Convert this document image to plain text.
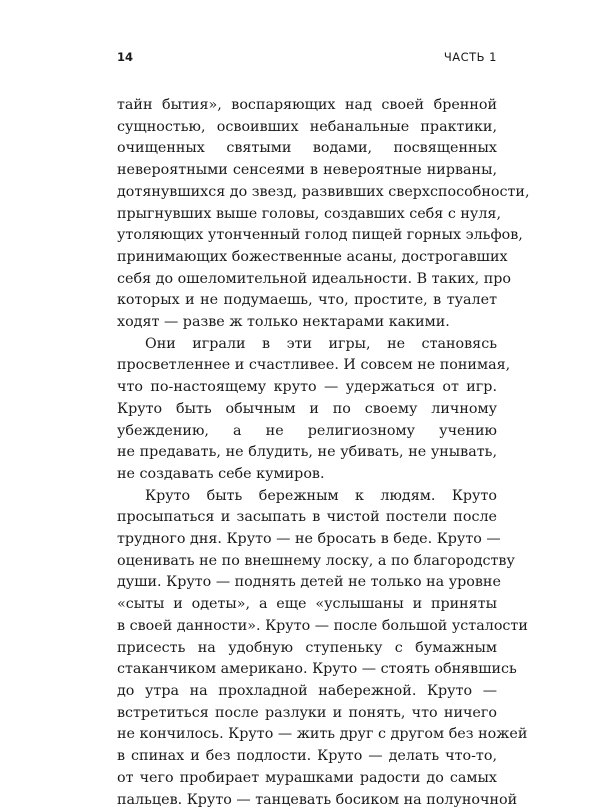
14	ЧАСТЬ 1
тайн бытия», воспаряющих над своей бренной
сущностью, освоивших небанальные практики,
очищенных святыми водами, посвященных
невероятными сенсеями в невероятные нирваны,
дотянувшихся до звезд, развивших сверхспособности,
прыгнувших выше головы, создавших себя с нуля,
утоляющих утонченный голод пищей горных эльфов,
принимающих божественные асаны, дострогавших
себя до ошеломительной идеальности. В таких, про
которых и не подумаешь, что, простите, в туалет
ходят — разве ж только нектарами какими.
Они играли в эти игры, не становясь
просветленнее и счастливее. И совсем не понимая,
что по-настоящему круто — удержаться от игр.
Круто быть обычным и по своему личному
убеждению, а не религиозному учению
не предавать, не блудить, не убивать, не унывать,
не создавать себе кумиров.
Круто быть бережным к людям. Круто
просыпаться и засыпать в чистой постели после
трудного дня. Круто — не бросать в беде. Круто —
оценивать не по внешнему лоску, а по благородству
души. Круто — поднять детей не только на уровне
«сыты и одеты», а еще «услышаны и приняты
в своей данности». Круто — после большой усталости
присесть на удобную ступеньку с бумажным
стаканчиком американо. Круто — стоять обнявшись
до утра на прохладной набережной. Круто —
встретиться после разлуки и понять, что ничего
не кончилось. Круто — жить друг с другом без ножей
в спинах и без подлости. Круто — делать что-то,
от чего пробирает мурашками радости до самых
пальцев. Круто — танцевать босиком на полуночной
